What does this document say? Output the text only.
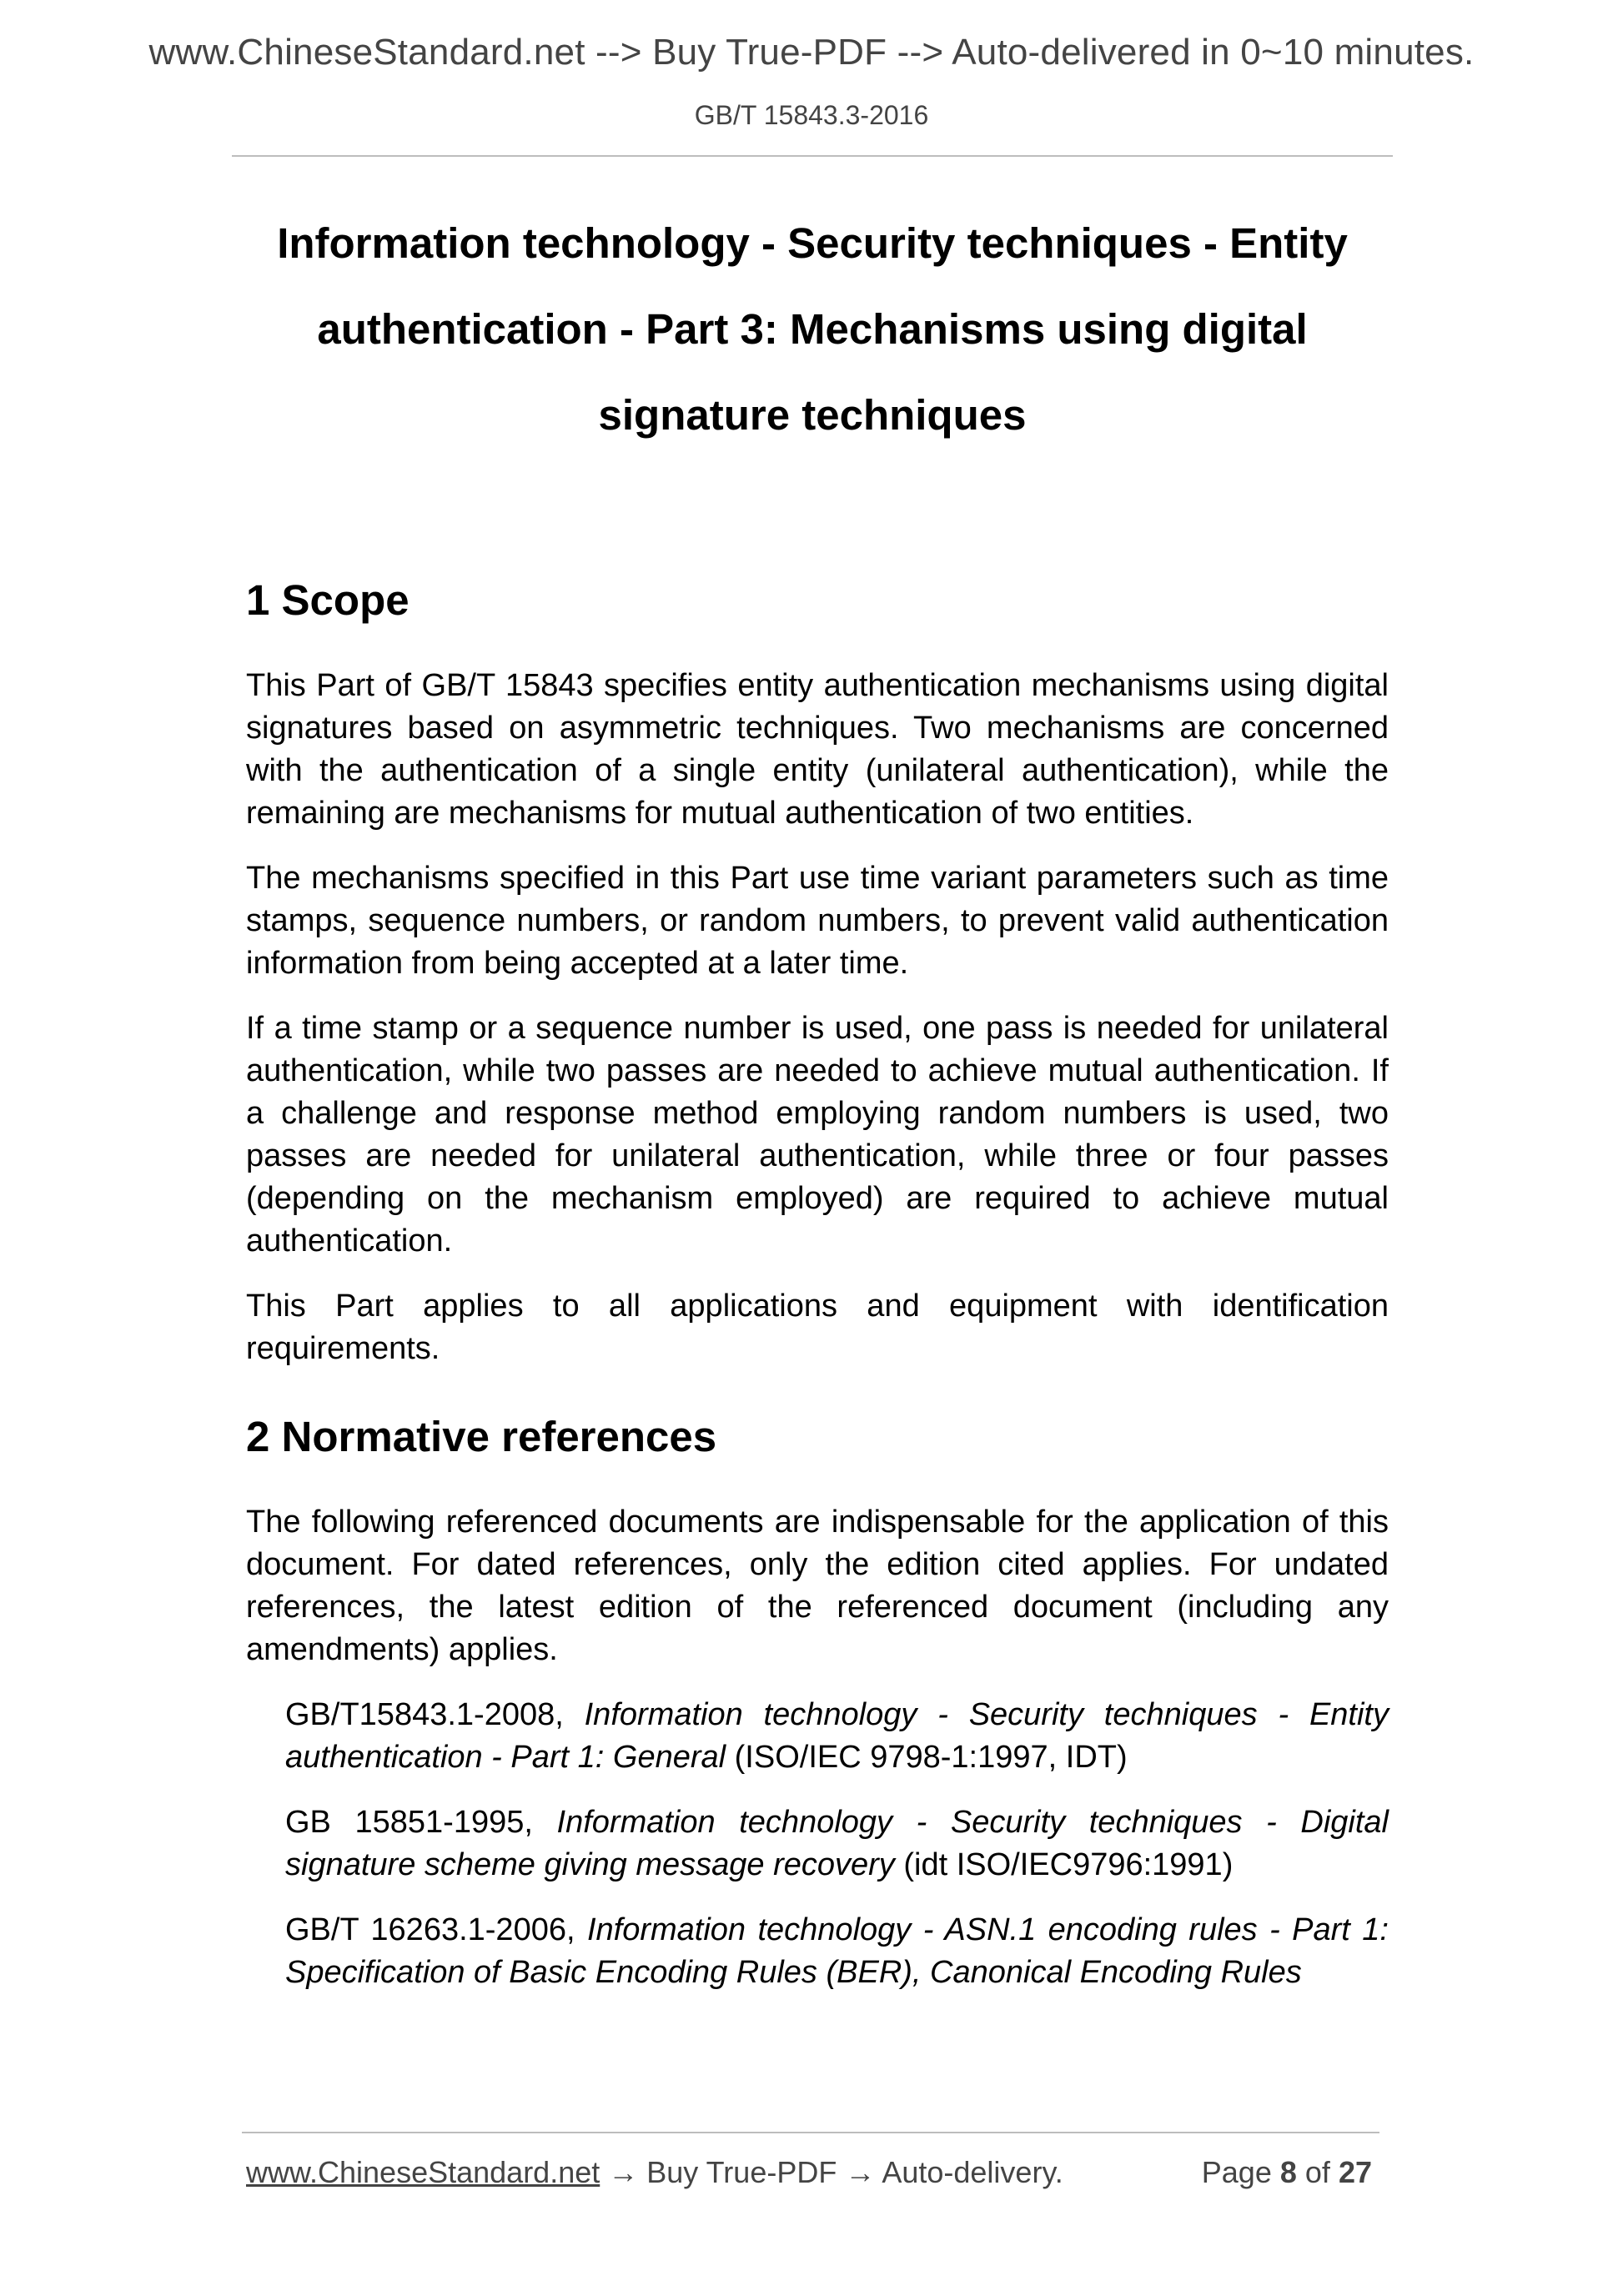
www.ChineseStandard.net --> Buy True-PDF --> Auto-delivered in 0~10 minutes.
GB/T 15843.3-2016
Information technology - Security techniques - Entity
authentication - Part 3: Mechanisms using digital
signature techniques
1 Scope

This Part of GB/T 15843 specifies entity authentication mechanisms using digital signatures based on asymmetric techniques. Two mechanisms are concerned with the authentication of a single entity (unilateral authentication), while the remaining are mechanisms for mutual authentication of two entities.

The mechanisms specified in this Part use time variant parameters such as time stamps, sequence numbers, or random numbers, to prevent valid authentication information from being accepted at a later time.

If a time stamp or a sequence number is used, one pass is needed for unilateral authentication, while two passes are needed to achieve mutual authentication. If a challenge and response method employing random numbers is used, two passes are needed for unilateral authentication, while three or four passes (depending on the mechanism employed) are required to achieve mutual authentication.

This Part applies to all applications and equipment with identification requirements.

2 Normative references

The following referenced documents are indispensable for the application of this document. For dated references, only the edition cited applies. For undated references, the latest edition of the referenced document (including any amendments) applies.

GB/T15843.1-2008, Information technology - Security techniques - Entity authentication - Part 1: General (ISO/IEC 9798-1:1997, IDT)

GB 15851-1995, Information technology - Security techniques - Digital signature scheme giving message recovery (idt ISO/IEC9796:1991)

GB/T 16263.1-2006, Information technology - ASN.1 encoding rules - Part 1: Specification of Basic Encoding Rules (BER), Canonical Encoding Rules

www.ChineseStandard.net → Buy True-PDF → Auto-delivery.	Page 8 of 27
